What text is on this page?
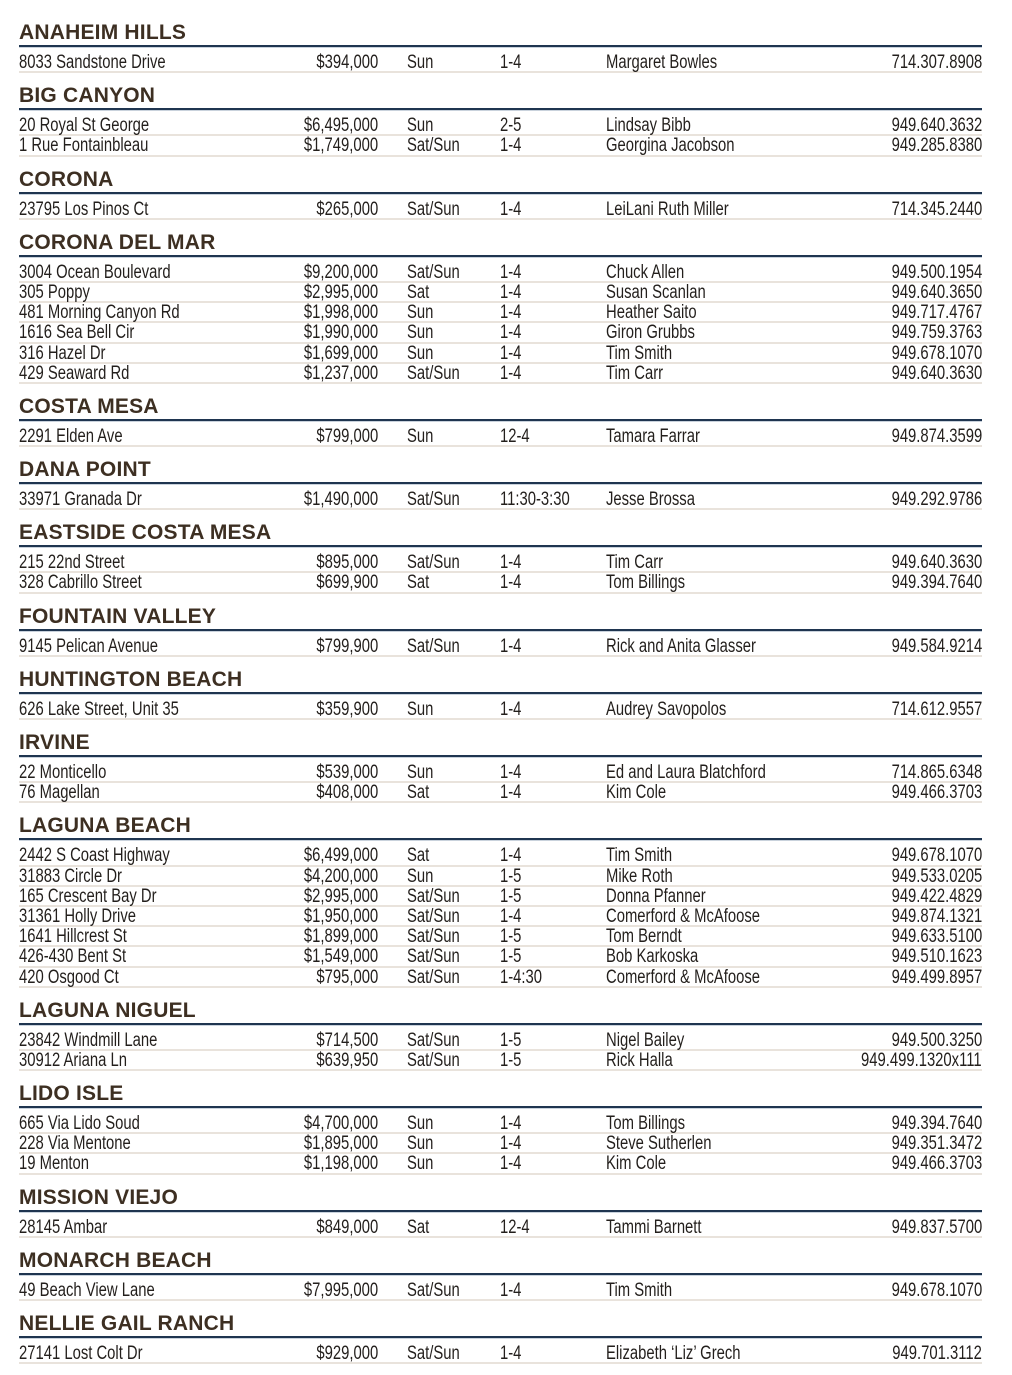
ANAHEIM HILLS
8033 Sandstone Drive	$394,000 Sun	1-4	Margaret Bowles	714.307.8908
BIG CANYON
20 Royal St George	$6,495,000 Sun	2-5	Lindsay Bibb	949.640.3632
1 Rue Fontainbleau	$1,749,000 Sat/Sun 1-4	Georgina Jacobson	949.285.8380
CORONA
23795 Los Pinos Ct	$265,000 Sat/Sun 1-4	LeiLani Ruth Miller	714.345.2440
CORONA DEL MAR
3004 Ocean Boulevard	$9,200,000 Sat/Sun 1-4	Chuck Allen	949.500.1954
305 Poppy	$2,995,000 Sat	1-4	Susan Scanlan	949.640.3650
481 Morning Canyon Rd	$1,998,000 Sun	1-4	Heather Saito	949.717.4767
1616 Sea Bell Cir	$1,990,000 Sun	1-4	Giron Grubbs	949.759.3763
316 Hazel Dr	$1,699,000 Sun	1-4	Tim Smith	949.678.1070
429 Seaward Rd	$1,237,000 Sat/Sun 1-4	Tim Carr	949.640.3630
COSTA MESA
2291 Elden Ave	$799,000 Sun	12-4	Tamara Farrar	949.874.3599
DANA POINT
33971 Granada Dr	$1,490,000 Sat/Sun 11:30-3:30 Jesse Brossa	949.292.9786
EASTSIDE COSTA MESA
215 22nd Street	$895,000 Sat/Sun 1-4	Tim Carr	949.640.3630
328 Cabrillo Street	$699,900 Sat	1-4	Tom Billings	949.394.7640
FOUNTAIN VALLEY
9145 Pelican Avenue	$799,900 Sat/Sun 1-4	Rick and Anita Glasser	949.584.9214
HUNTINGTON BEACH
626 Lake Street, Unit 35	$359,900 Sun	1-4	Audrey Savopolos	714.612.9557
IRVINE
22 Monticello	$539,000 Sun	1-4	Ed and Laura Blatchford	714.865.6348
76 Magellan	$408,000 Sat	1-4	Kim Cole	949.466.3703
LAGUNA BEACH
2442 S Coast Highway	$6,499,000 Sat	1-4	Tim Smith	949.678.1070
31883 Circle Dr	$4,200,000 Sun	1-5	Mike Roth	949.533.0205
165 Crescent Bay Dr	$2,995,000 Sat/Sun 1-5	Donna Pfanner	949.422.4829
31361 Holly Drive	$1,950,000 Sat/Sun 1-4	Comerford & McAfoose	949.874.1321
1641 Hillcrest St	$1,899,000 Sat/Sun 1-5	Tom Berndt	949.633.5100
426-430 Bent St	$1,549,000 Sat/Sun 1-5	Bob Karkoska	949.510.1623
420 Osgood Ct	$795,000 Sat/Sun 1-4:30	Comerford & McAfoose	949.499.8957
LAGUNA NIGUEL
23842 Windmill Lane	$714,500 Sat/Sun 1-5	Nigel Bailey	949.500.3250
30912 Ariana Ln	$639,950 Sat/Sun 1-5	Rick Halla	949.499.1320x111
LIDO ISLE
665 Via Lido Soud	$4,700,000 Sun	1-4	Tom Billings	949.394.7640
228 Via Mentone	$1,895,000 Sun	1-4	Steve Sutherlen	949.351.3472
19 Menton	$1,198,000 Sun	1-4	Kim Cole	949.466.3703
MISSION VIEJO
28145 Ambar	$849,000 Sat	12-4	Tammi Barnett	949.837.5700
MONARCH BEACH
49 Beach View Lane	$7,995,000 Sat/Sun 1-4	Tim Smith	949.678.1070
NELLIE GAIL RANCH
27141 Lost Colt Dr	$929,000 Sat/Sun 1-4	Elizabeth ‘Liz’ Grech	949.701.3112
